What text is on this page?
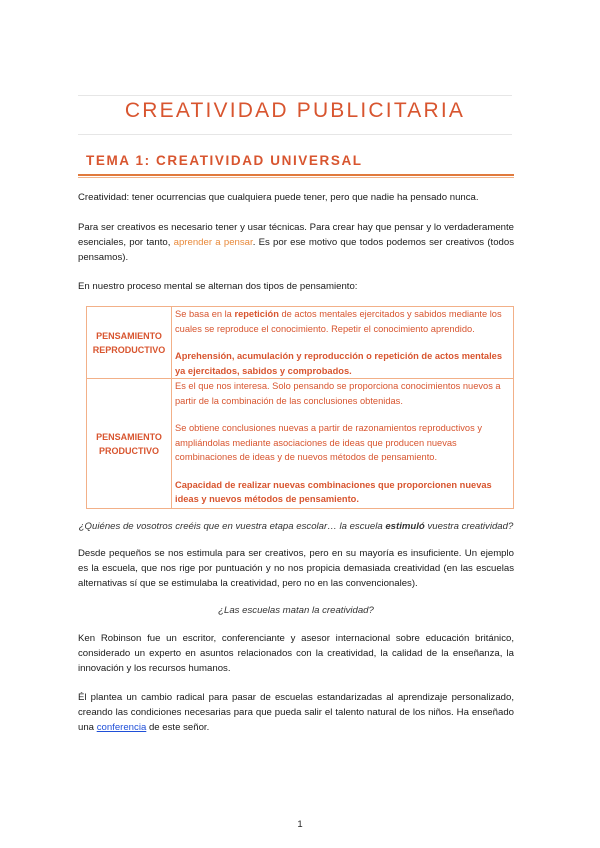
CREATIVIDAD PUBLICITARIA
TEMA 1: CREATIVIDAD UNIVERSAL

Creatividad: tener ocurrencias que cualquiera puede tener, pero que nadie ha pensado nunca.

Para ser creativos es necesario tener y usar técnicas. Para crear hay que pensar y lo verdaderamente esenciales, por tanto, aprender a pensar. Es por ese motivo que todos podemos ser creativos (todos pensamos).

En nuestro proceso mental se alternan dos tipos de pensamiento:

PENSAMIENTO REPRODUCTIVO	Se basa en la repetición de actos mentales ejercitados y sabidos mediante los cuales se reproduce el conocimiento. Repetir el conocimiento aprendido.
Aprehensión, acumulación y reproducción o repetición de actos mentales ya ejercitados, sabidos y comprobados.

PENSAMIENTO PRODUCTIVO	Es el que nos interesa. Solo pensando se proporciona conocimientos nuevos a partir de la combinación de las conclusiones obtenidas.
Se obtiene conclusiones nuevas a partir de razonamientos reproductivos y ampliándolas mediante asociaciones de ideas que producen nuevas combinaciones de ideas y de nuevos métodos de pensamiento.
Capacidad de realizar nuevas combinaciones que proporcionen nuevas ideas y nuevos métodos de pensamiento.
¿Quiénes de vosotros creéis que en vuestra etapa escolar… la escuela estimuló vuestra creatividad?

Desde pequeños se nos estimula para ser creativos, pero en su mayoría es insuficiente. Un ejemplo es la escuela, que nos rige por puntuación y no nos propicia demasiada creatividad (en las escuelas alternativas sí que se estimulaba la creatividad, pero no en las convencionales).

¿Las escuelas matan la creatividad?

Ken Robinson fue un escritor, conferenciante y asesor internacional sobre educación británico, considerado un experto en asuntos relacionados con la creatividad, la calidad de la enseñanza, la innovación y los recursos humanos.

Él plantea un cambio radical para pasar de escuelas estandarizadas al aprendizaje personalizado, creando las condiciones necesarias para que pueda salir el talento natural de los niños. Ha enseñado una conferencia de este señor.

1
